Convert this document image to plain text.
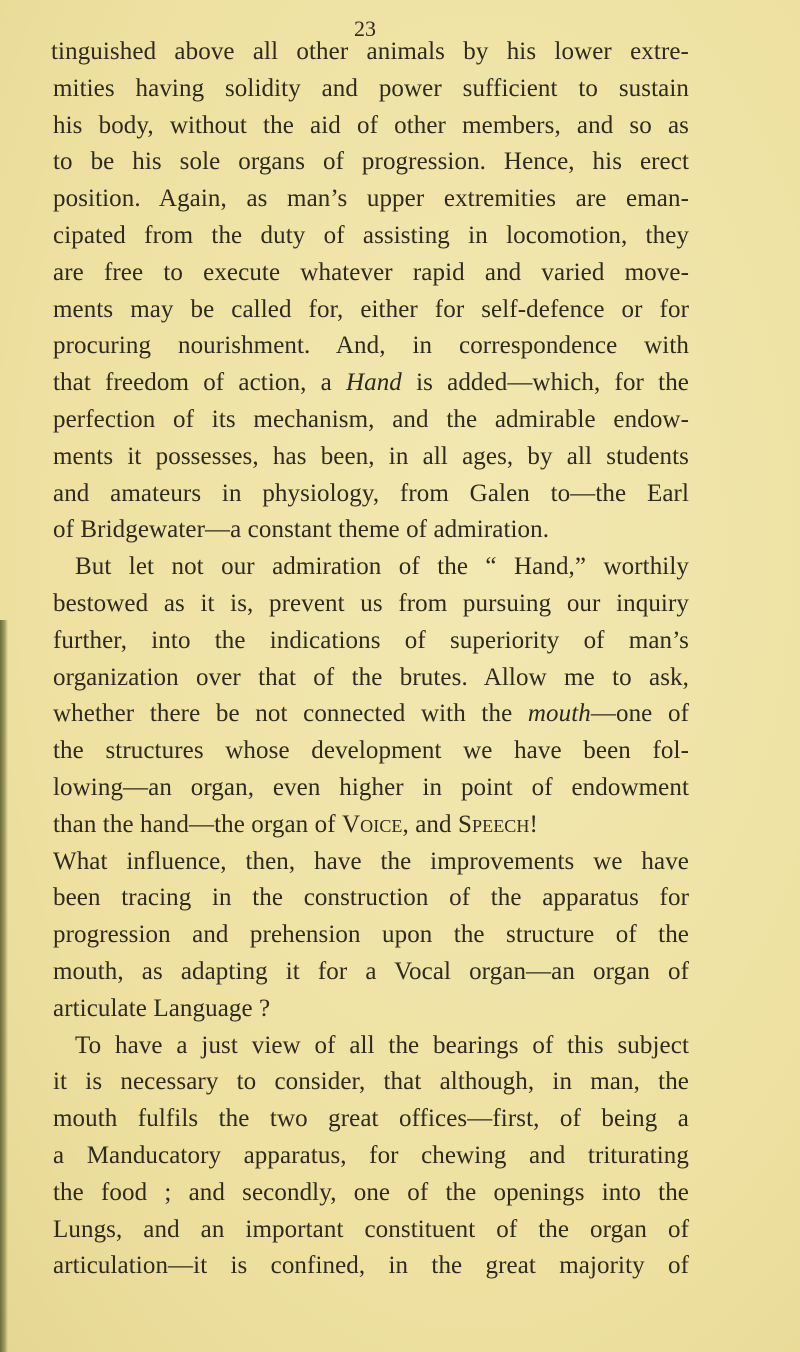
23
tinguished above all other animals by his lower extre-
mities having solidity and power sufficient to sustain
his body, without the aid of other members, and so as
to be his sole organs of progression. Hence, his erect
position. Again, as man’s upper extremities are eman-
cipated from the duty of assisting in locomotion, they
are free to execute whatever rapid and varied move-
ments may be called for, either for self-defence or for
procuring nourishment. And, in correspondence with
that freedom of action, a Hand is added—which, for the
perfection of its mechanism, and the admirable endow-
ments it possesses, has been, in all ages, by all students
and amateurs in physiology, from Galen to—the Earl
of Bridgewater—a constant theme of admiration.
But let not our admiration of the “ Hand,” worthily
bestowed as it is, prevent us from pursuing our inquiry
further, into the indications of superiority of man’s
organization over that of the brutes. Allow me to ask,
whether there be not connected with the mouth—one of
the structures whose development we have been fol-
lowing—an organ, even higher in point of endowment
than the hand—the organ of Voice, and Speech!
What influence, then, have the improvements we have
been tracing in the construction of the apparatus for
progression and prehension upon the structure of the
mouth, as adapting it for a Vocal organ—an organ of
articulate Language ?
To have a just view of all the bearings of this subject
it is necessary to consider, that although, in man, the
mouth fulfils the two great offices—first, of being a
a Manducatory apparatus, for chewing and triturating
the food ; and secondly, one of the openings into the
Lungs, and an important constituent of the organ of
articulation—it is confined, in the great majority of
